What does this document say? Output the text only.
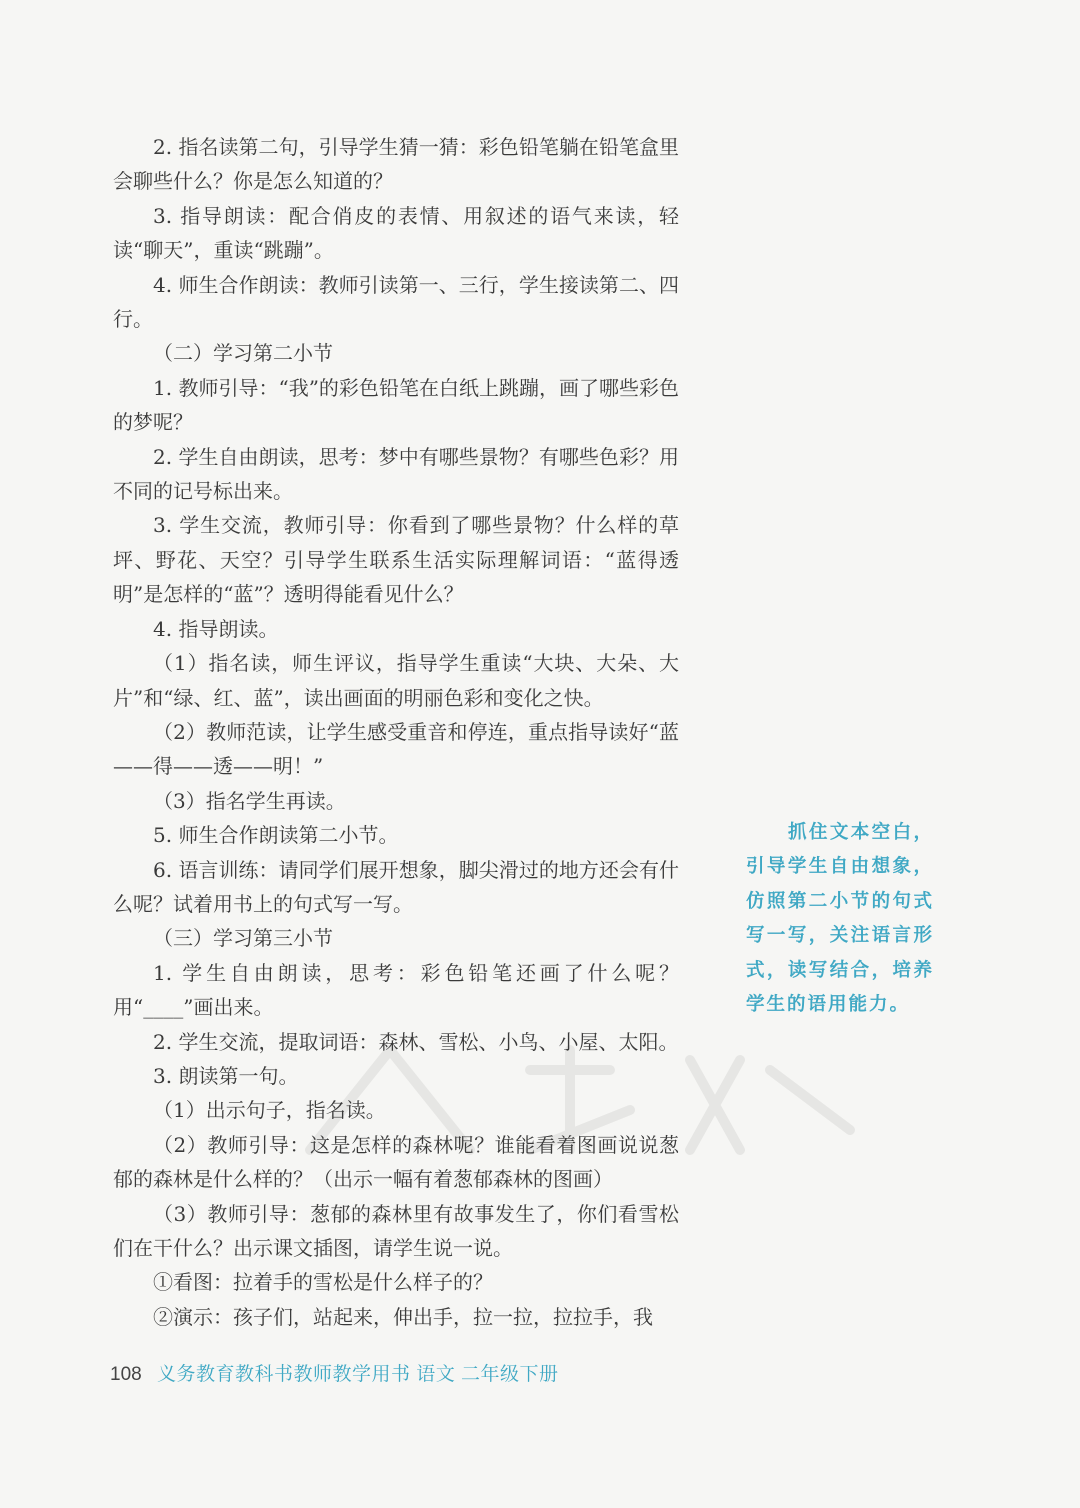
2. 指名读第二句，引导学生猜一猜：彩色铅笔躺在铅笔盒里会聊些什么？你是怎么知道的？

3. 指导朗读：配合俏皮的表情、用叙述的语气来读，轻读“聊天”，重读“跳蹦”。

4. 师生合作朗读：教师引读第一、三行，学生接读第二、四行。

（二）学习第二小节

1. 教师引导：“我”的彩色铅笔在白纸上跳蹦，画了哪些彩色的梦呢？

2. 学生自由朗读，思考：梦中有哪些景物？有哪些色彩？用不同的记号标出来。

3. 学生交流，教师引导：你看到了哪些景物？什么样的草坪、野花、天空？引导学生联系生活实际理解词语：“蓝得透明”是怎样的“蓝”？透明得能看见什么？

4. 指导朗读。

（1）指名读，师生评议，指导学生重读“大块、大朵、大片”和“绿、红、蓝”，读出画面的明丽色彩和变化之快。

（2）教师范读，让学生感受重音和停连，重点指导读好“蓝——得——透——明！”

（3）指名学生再读。

5. 师生合作朗读第二小节。

6. 语言训练：请同学们展开想象，脚尖滑过的地方还会有什么呢？试着用书上的句式写一写。

（三）学习第三小节

1. 学生自由朗读，思考：彩色铅笔还画了什么呢？用“____”画出来。

2. 学生交流，提取词语：森林、雪松、小鸟、小屋、太阳。

3. 朗读第一句。

（1）出示句子，指名读。

（2）教师引导：这是怎样的森林呢？谁能看着图画说说葱郁的森林是什么样的？（出示一幅有着葱郁森林的图画）

（3）教师引导：葱郁的森林里有故事发生了，你们看雪松们在干什么？出示课文插图，请学生说一说。

①看图：拉着手的雪松是什么样子的？

②演示：孩子们，站起来，伸出手，拉一拉，拉拉手，我

抓住文本空白，引导学生自由想象，仿照第二小节的句式写一写，关注语言形式，读写结合，培养学生的语用能力。

108 义务教育教科书教师教学用书 语文 二年级下册
